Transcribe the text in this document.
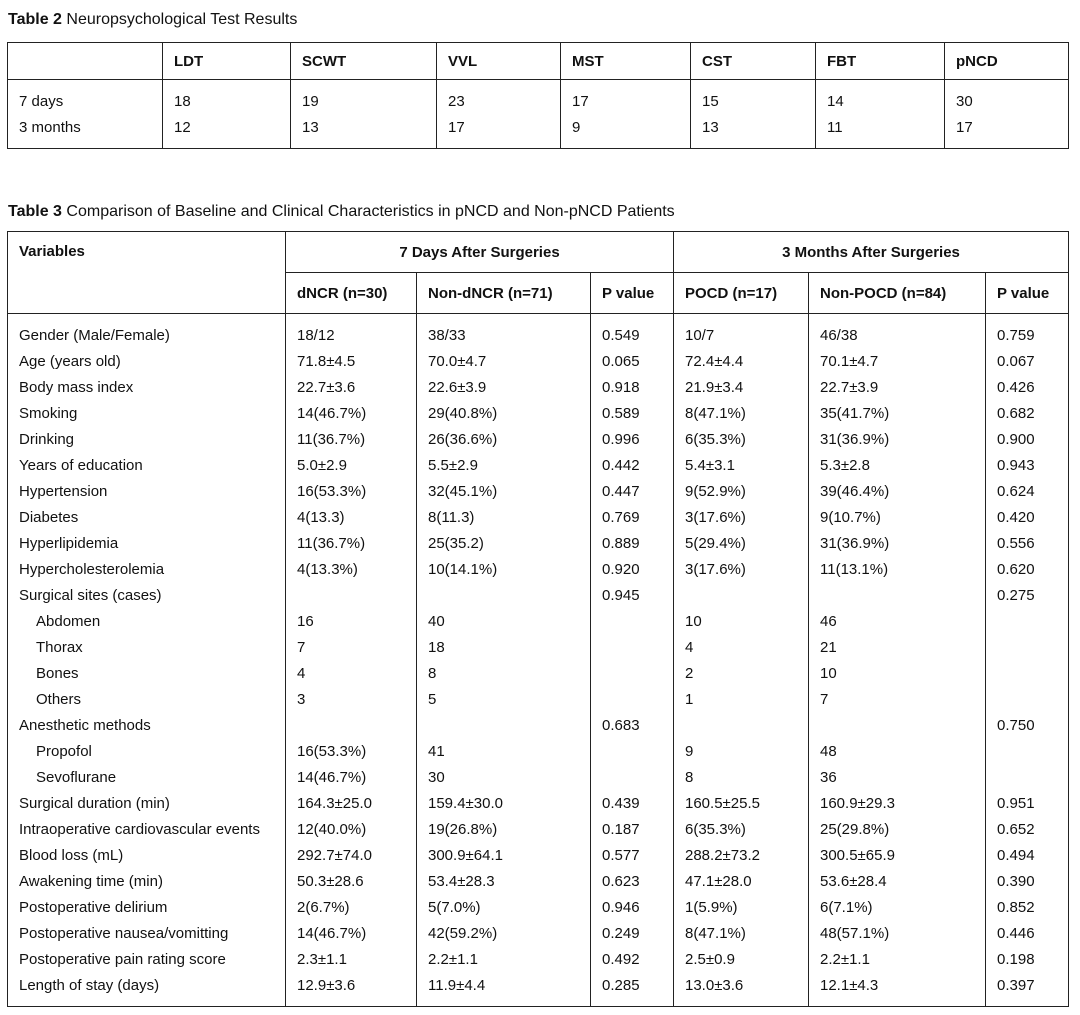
Table 2 Neuropsychological Test Results
	LDT	SCWT	VVL	MST	CST	FBT	pNCD
7 days	18	19	23	17	15	14	30
3 months	12	13	17	9	13	11	17
Table 3 Comparison of Baseline and Clinical Characteristics in pNCD and Non-pNCD Patients
Variables	7 Days After Surgeries			3 Months After Surgeries		
	dNCR (n=30)	Non-dNCR (n=71)	P value	POCD (n=17)	Non-POCD (n=84)	P value
Gender (Male/Female)	18/12	38/33	0.549	10/7	46/38	0.759
Age (years old)	71.8±4.5	70.0±4.7	0.065	72.4±4.4	70.1±4.7	0.067
Body mass index	22.7±3.6	22.6±3.9	0.918	21.9±3.4	22.7±3.9	0.426
Smoking	14(46.7%)	29(40.8%)	0.589	8(47.1%)	35(41.7%)	0.682
Drinking	11(36.7%)	26(36.6%)	0.996	6(35.3%)	31(36.9%)	0.900
Years of education	5.0±2.9	5.5±2.9	0.442	5.4±3.1	5.3±2.8	0.943
Hypertension	16(53.3%)	32(45.1%)	0.447	9(52.9%)	39(46.4%)	0.624
Diabetes	4(13.3)	8(11.3)	0.769	3(17.6%)	9(10.7%)	0.420
Hyperlipidemia	11(36.7%)	25(35.2)	0.889	5(29.4%)	31(36.9%)	0.556
Hypercholesterolemia	4(13.3%)	10(14.1%)	0.920	3(17.6%)	11(13.1%)	0.620
Surgical sites (cases)			0.945			0.275
Abdomen	16	40		10	46	
Thorax	7	18		4	21	
Bones	4	8		2	10	
Others	3	5		1	7	
Anesthetic methods			0.683			0.750
Propofol	16(53.3%)	41		9	48	
Sevoflurane	14(46.7%)	30		8	36	
Surgical duration (min)	164.3±25.0	159.4±30.0	0.439	160.5±25.5	160.9±29.3	0.951
Intraoperative cardiovascular events	12(40.0%)	19(26.8%)	0.187	6(35.3%)	25(29.8%)	0.652
Blood loss (mL)	292.7±74.0	300.9±64.1	0.577	288.2±73.2	300.5±65.9	0.494
Awakening time (min)	50.3±28.6	53.4±28.3	0.623	47.1±28.0	53.6±28.4	0.390
Postoperative delirium	2(6.7%)	5(7.0%)	0.946	1(5.9%)	6(7.1%)	0.852
Postoperative nausea/vomitting	14(46.7%)	42(59.2%)	0.249	8(47.1%)	48(57.1%)	0.446
Postoperative pain rating score	2.3±1.1	2.2±1.1	0.492	2.5±0.9	2.2±1.1	0.198
Length of stay (days)	12.9±3.6	11.9±4.4	0.285	13.0±3.6	12.1±4.3	0.397
